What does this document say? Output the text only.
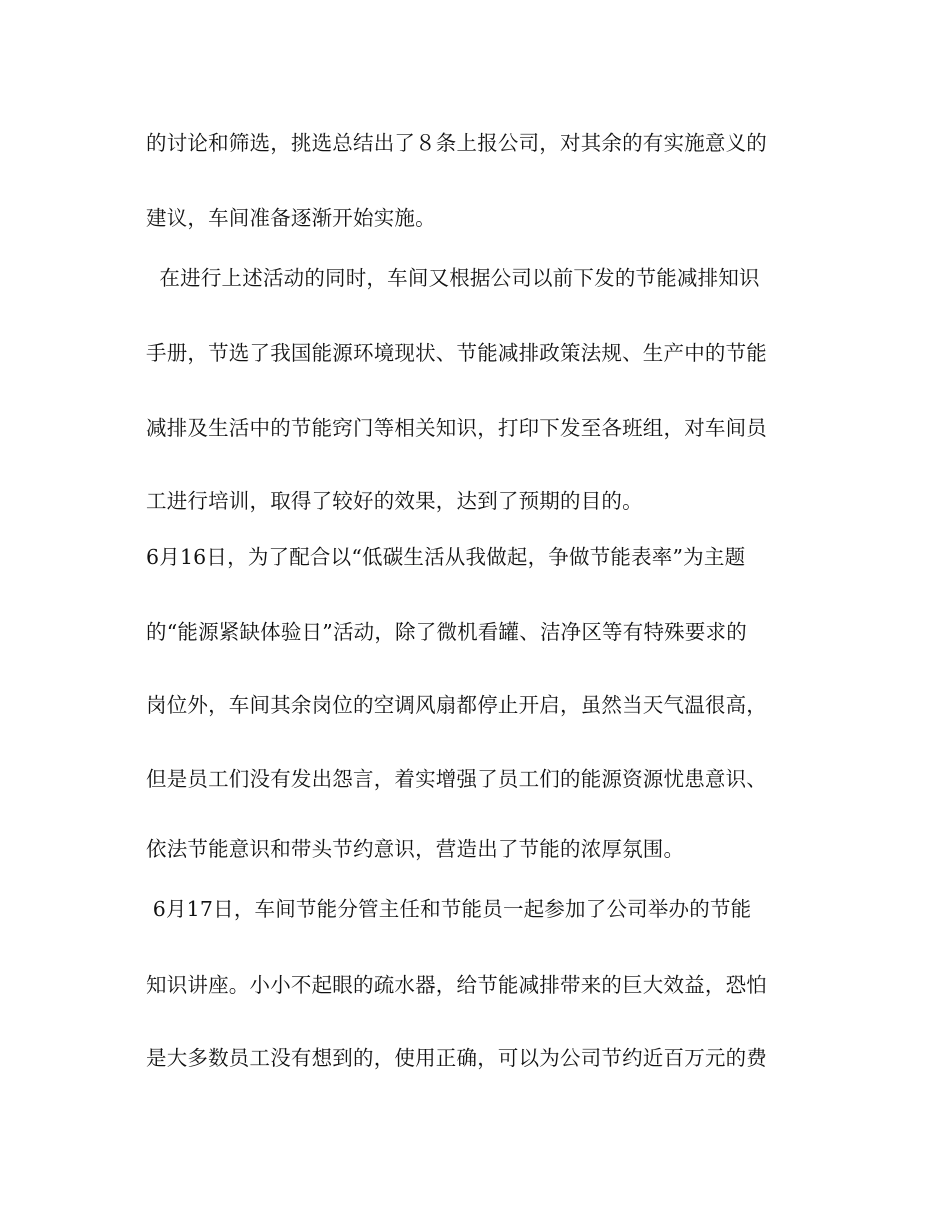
的讨论和筛选，挑选总结出了８条上报公司，对其余的有实施意义的
建议，车间准备逐渐开始实施。
在进行上述活动的同时，车间又根据公司以前下发的节能减排知识
手册，节选了我国能源环境现状、节能减排政策法规、生产中的节能
减排及生活中的节能窍门等相关知识，打印下发至各班组，对车间员
工进行培训，取得了较好的效果，达到了预期的目的。
6月16日，为了配合以“低碳生活从我做起，争做节能表率”为主题
的“能源紧缺体验日”活动，除了微机看罐、洁净区等有特殊要求的
岗位外，车间其余岗位的空调风扇都停止开启，虽然当天气温很高，
但是员工们没有发出怨言，着实增强了员工们的能源资源忧患意识、
依法节能意识和带头节约意识，营造出了节能的浓厚氛围。
6月17日，车间节能分管主任和节能员一起参加了公司举办的节能
知识讲座。小小不起眼的疏水器，给节能减排带来的巨大效益，恐怕
是大多数员工没有想到的，使用正确，可以为公司节约近百万元的费
